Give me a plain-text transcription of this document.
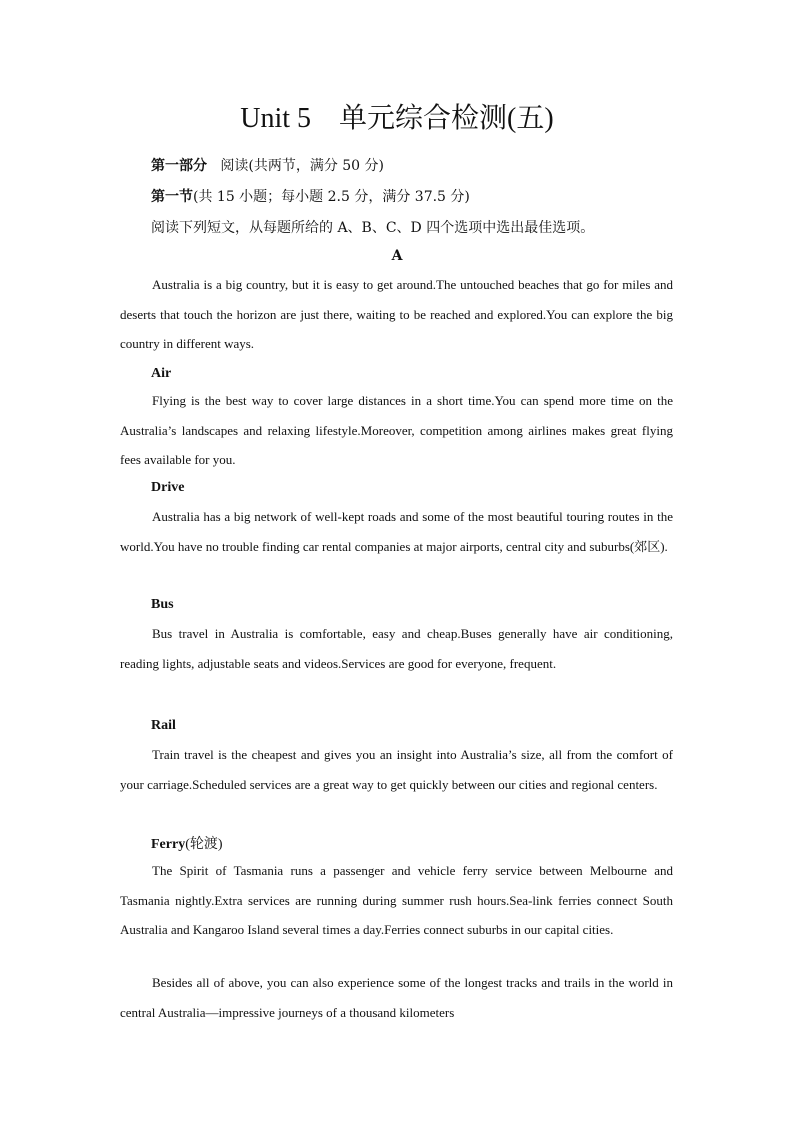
Unit 5　单元综合检测(五)
第一部分 阅读(共两节，满分 50 分)
第一节(共 15 小题；每小题 2.5 分，满分 37.5 分)
阅读下列短文，从每题所给的 A、B、C、D 四个选项中选出最佳选项。
A
Australia is a big country, but it is easy to get around.The untouched beaches that go for miles and deserts that touch the horizon are just there, waiting to be reached and explored.You can explore the big country in different ways.
Air
Flying is the best way to cover large distances in a short time.You can spend more time on the Australia’s landscapes and relaxing lifestyle.Moreover, competition among airlines makes great flying fees available for you.
Drive
Australia has a big network of well-kept roads and some of the most beautiful touring routes in the world.You have no trouble finding car rental companies at major airports, central city and suburbs(郊区).
Bus
Bus travel in Australia is comfortable, easy and cheap.Buses generally have air conditioning, reading lights, adjustable seats and videos.Services are good for everyone, frequent.
Rail
Train travel is the cheapest and gives you an insight into Australia’s size, all from the comfort of your carriage.Scheduled services are a great way to get quickly between our cities and regional centers.
Ferry(轮渡)
The Spirit of Tasmania runs a passenger and vehicle ferry service between Melbourne and Tasmania nightly.Extra services are running during summer rush hours.Sea-link ferries connect South Australia and Kangaroo Island several times a day.Ferries connect suburbs in our capital cities.
Besides all of above, you can also experience some of the longest tracks and trails in the world in central Australia—impressive journeys of a thousand kilometers
